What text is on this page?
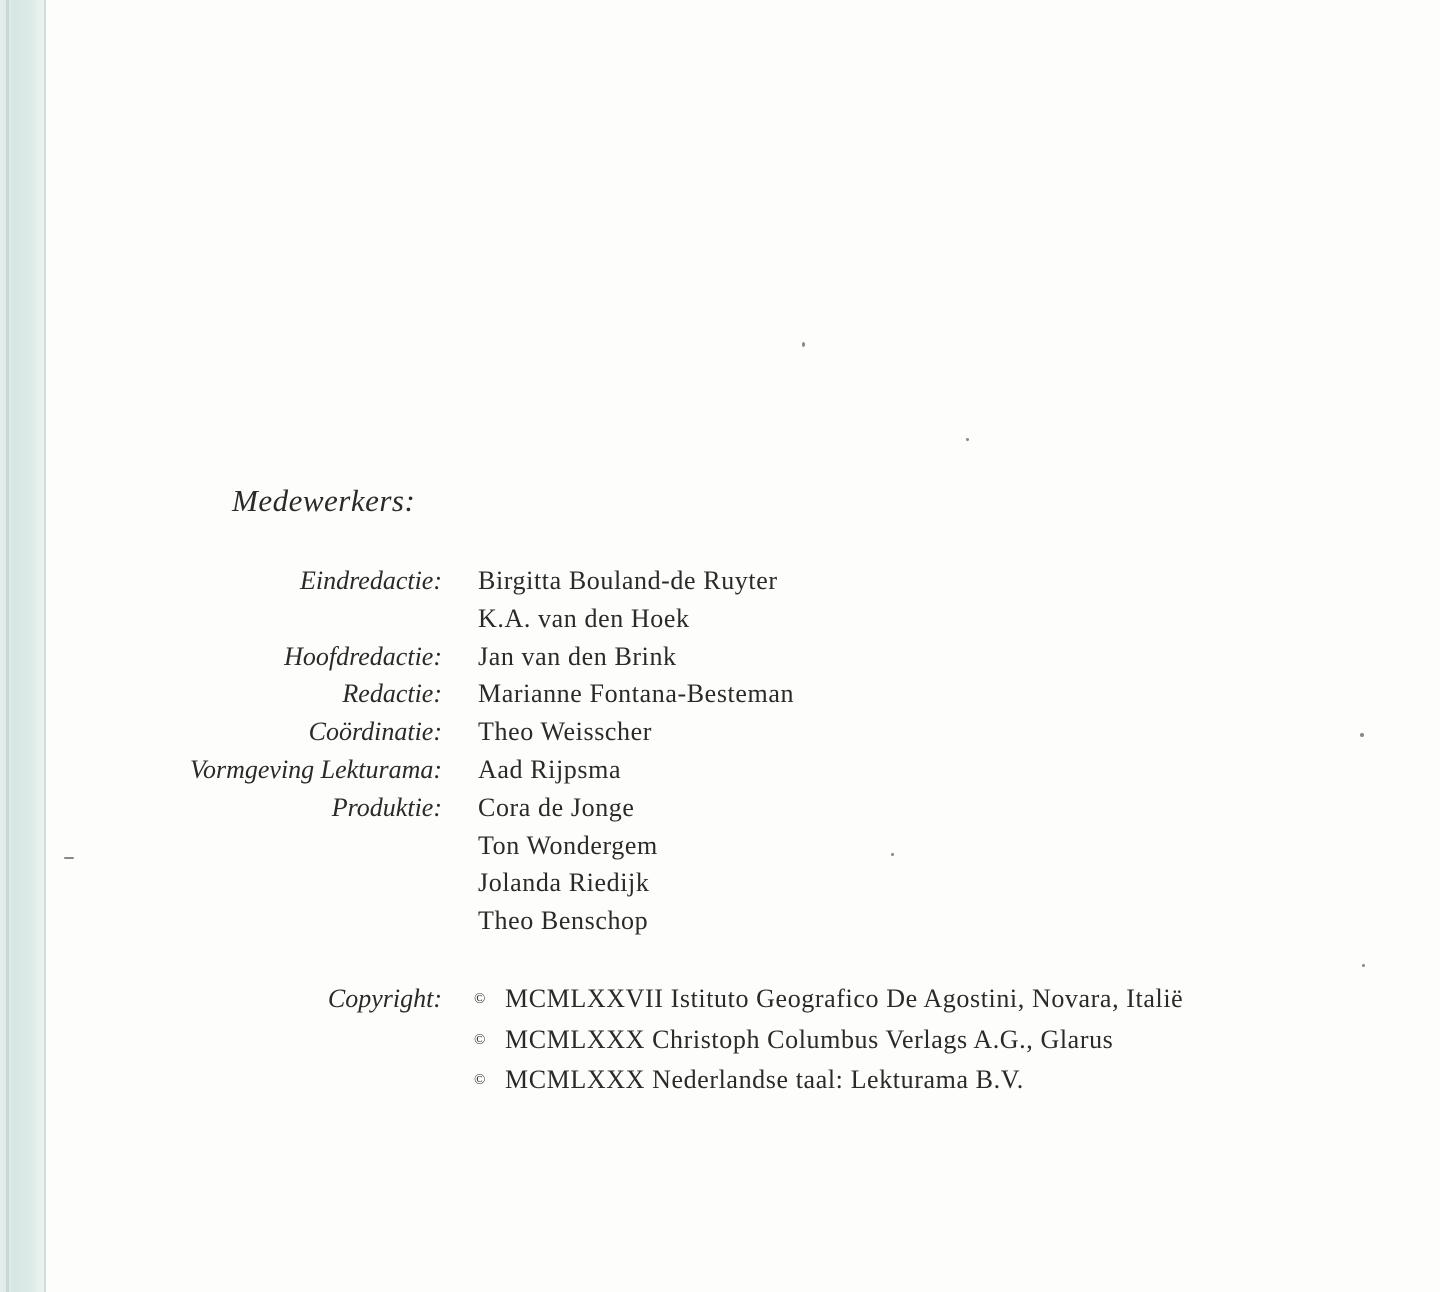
Medewerkers:
Eindredactie: Birgitta Bouland-de Ruyter
K.A. van den Hoek
Hoofdredactie: Jan van den Brink
Redactie: Marianne Fontana-Besteman
Coördinatie: Theo Weisscher
Vormgeving Lekturama: Aad Rijpsma
Produktie: Cora de Jonge
Ton Wondergem
Jolanda Riedijk
Theo Benschop
Copyright: © MCMLXXVII Istituto Geografico De Agostini, Novara, Italië
© MCMLXXX Christoph Columbus Verlags A.G., Glarus
© MCMLXXX Nederlandse taal: Lekturama B.V.
